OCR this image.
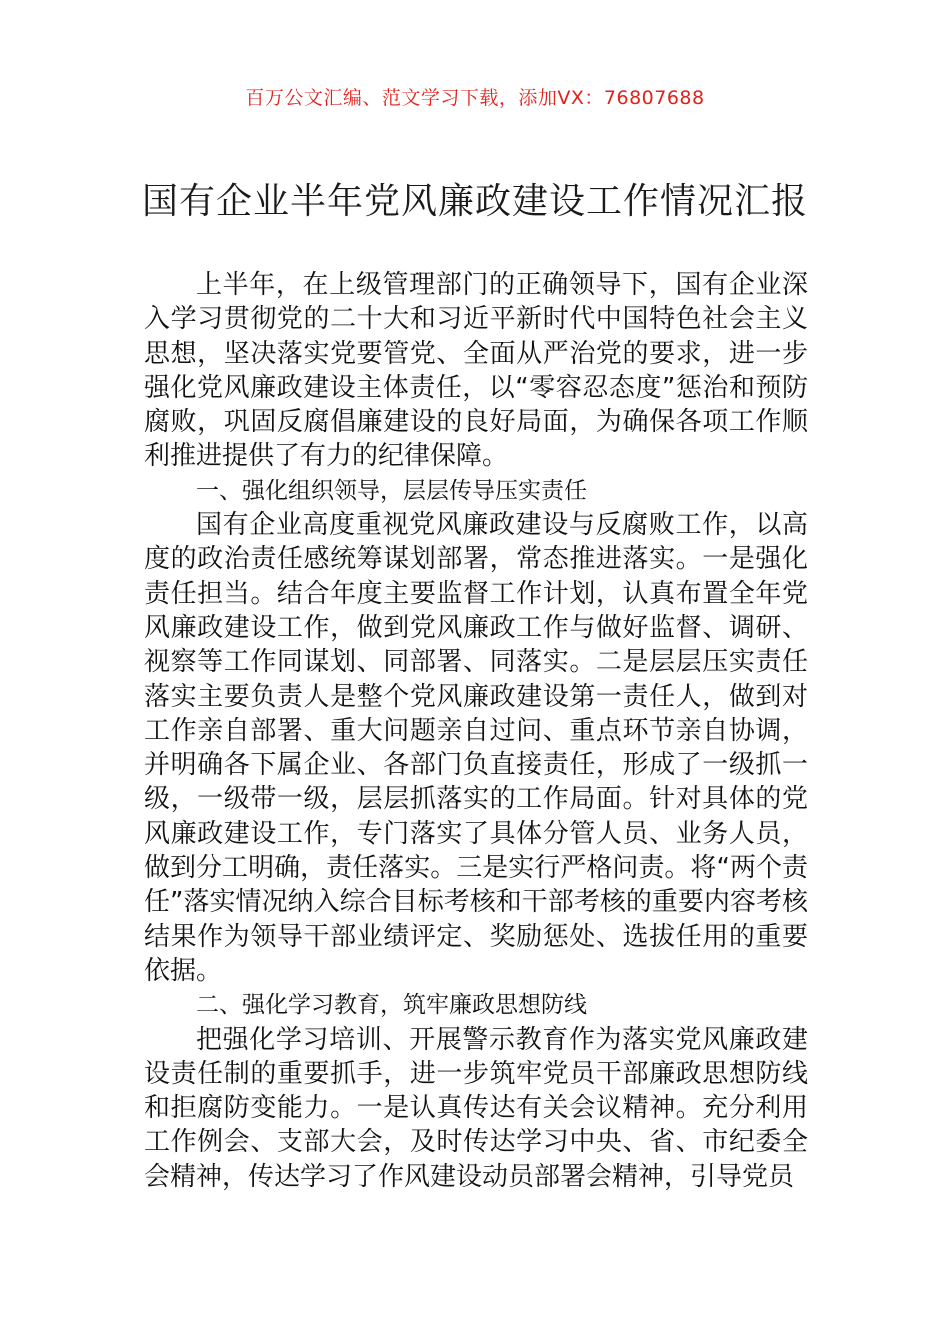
百万公文汇编、范文学习下载，添加VX：76807688
国有企业半年党风廉政建设工作情况汇报

上半年，在上级管理部门的正确领导下，国有企业深入学习贯彻党的二十大和习近平新时代中国特色社会主义思想，坚决落实党要管党、全面从严治党的要求，进一步强化党风廉政建设主体责任，以“零容忍态度”惩治和预防腐败，巩固反腐倡廉建设的良好局面，为确保各项工作顺利推进提供了有力的纪律保障。

一、强化组织领导，层层传导压实责任

国有企业高度重视党风廉政建设与反腐败工作，以高度的政治责任感统筹谋划部署，常态推进落实。一是强化责任担当。结合年度主要监督工作计划，认真布置全年党风廉政建设工作，做到党风廉政工作与做好监督、调研、视察等工作同谋划、同部署、同落实。二是层层压实责任落实主要负责人是整个党风廉政建设第一责任人，做到对工作亲自部署、重大问题亲自过问、重点环节亲自协调，并明确各下属企业、各部门负直接责任，形成了一级抓一级，一级带一级，层层抓落实的工作局面。针对具体的党风廉政建设工作，专门落实了具体分管人员、业务人员，做到分工明确，责任落实。三是实行严格问责。将“两个责任”落实情况纳入综合目标考核和干部考核的重要内容考核结果作为领导干部业绩评定、奖励惩处、选拔任用的重要依据。

二、强化学习教育，筑牢廉政思想防线

把强化学习培训、开展警示教育作为落实党风廉政建设责任制的重要抓手，进一步筑牢党员干部廉政思想防线和拒腐防变能力。一是认真传达有关会议精神。充分利用工作例会、支部大会，及时传达学习中央、省、市纪委全会精神，传达学习了作风建设动员部署会精神，引导党员
